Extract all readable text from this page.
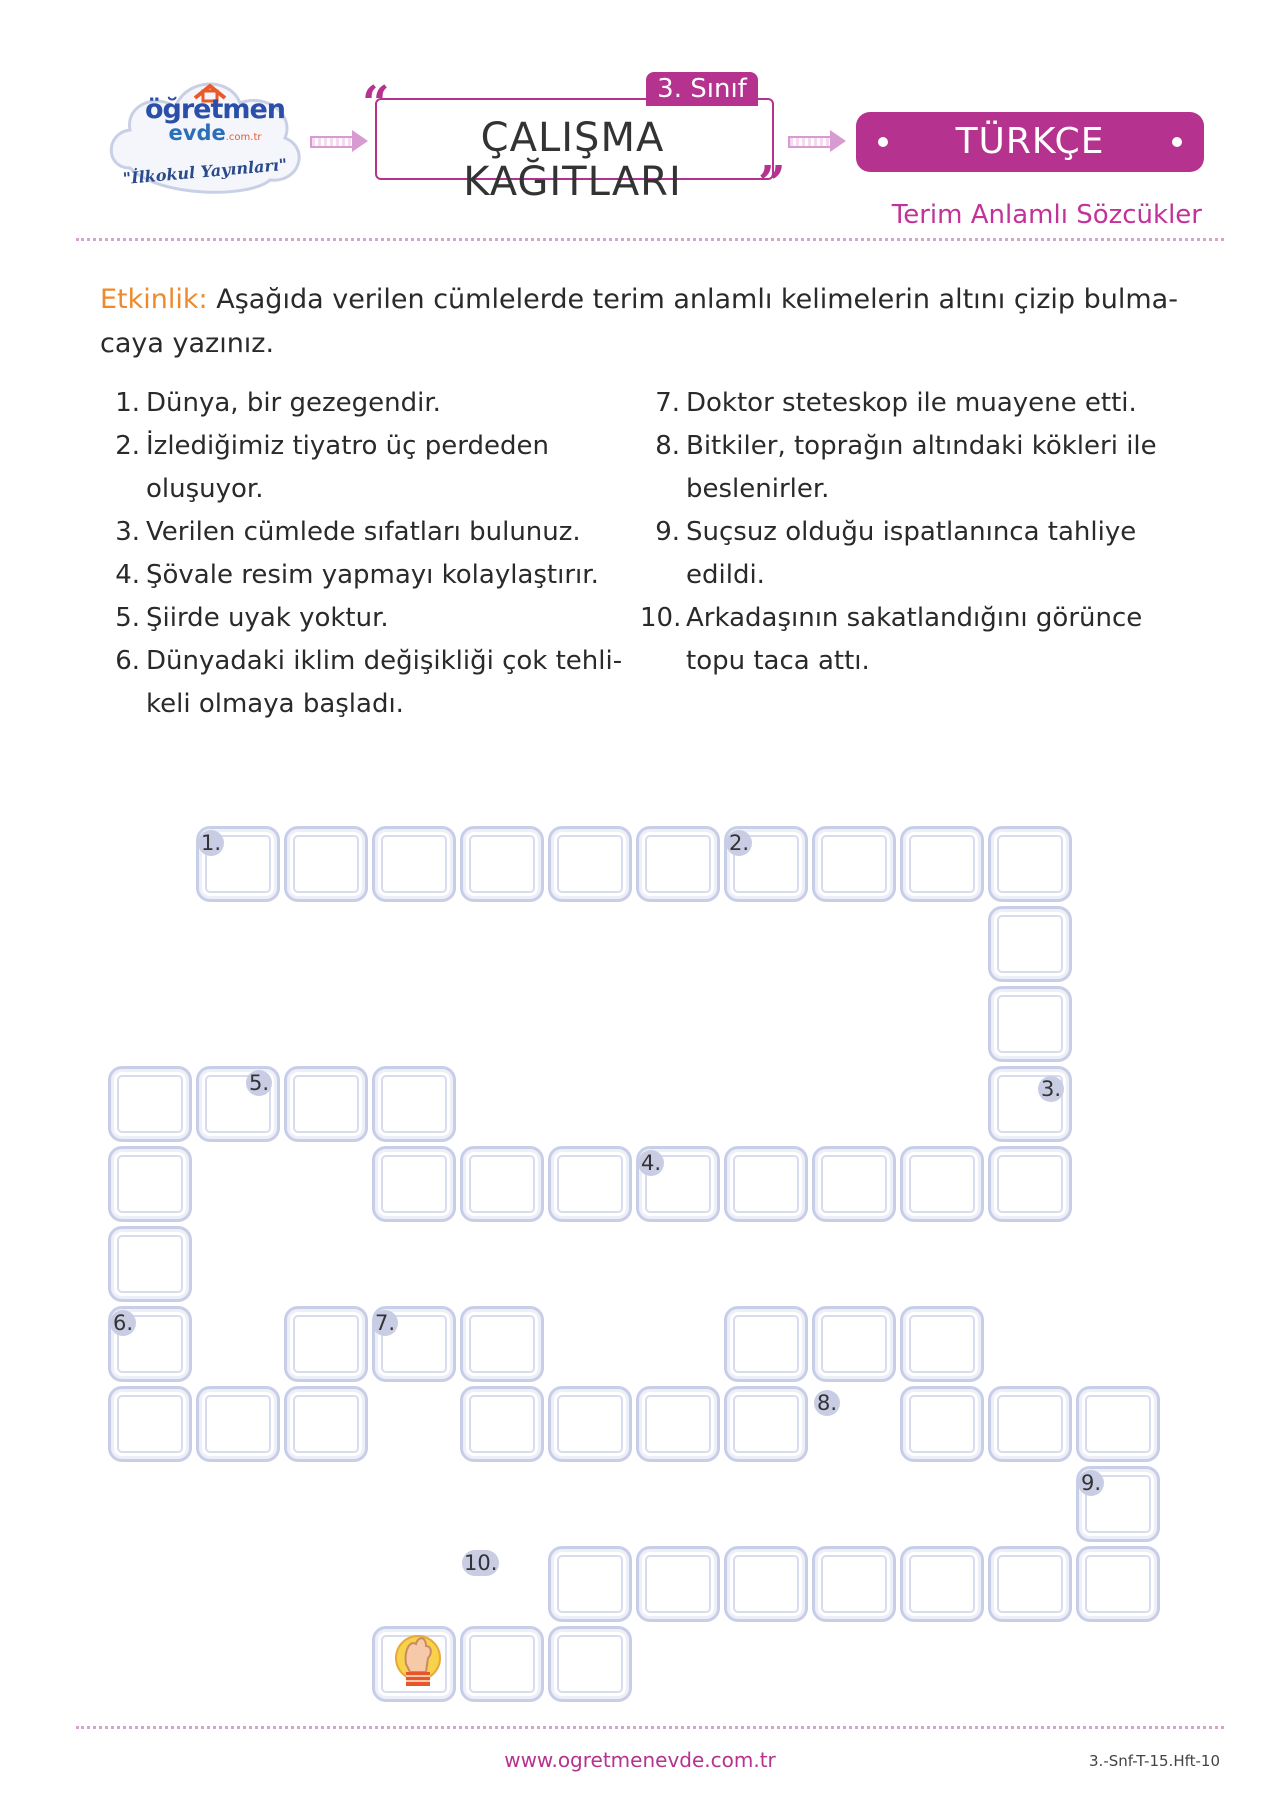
öğretmen
evde.com.tr
"İlkokul Yayınları"
“	3. Sınıf
ÇALIŞMA KAĞITLARI	”
TÜRKÇE
Terim Anlamlı Sözcükler
Etkinlik: Aşağıda verilen cümlelerde terim anlamlı kelimelerin altını çizip bulma-
caya yazınız.
1. Dünya, bir gezegendir.
2. İzlediğimiz tiyatro üç perdeden oluşuyor.
3. Verilen cümlede sıfatları bulunuz.
4. Şövale resim yapmayı kolaylaştırır.
5. Şiirde uyak yoktur.
6. Dünyadaki iklim değişikliği çok tehli-keli olmaya başladı.
7. Doktor steteskop ile muayene etti.
8. Bitkiler, toprağın altındaki kökleri ile beslenirler.
9. Suçsuz olduğu ispatlanınca tahliye edildi.
10. Arkadaşının sakatlandığını görünce topu taca attı.
1.	2.
3.
4.
5.
6.	7.
8.
9.
10.
www.ogretmenevde.com.tr	3.-Snf-T-15.Hft-10
